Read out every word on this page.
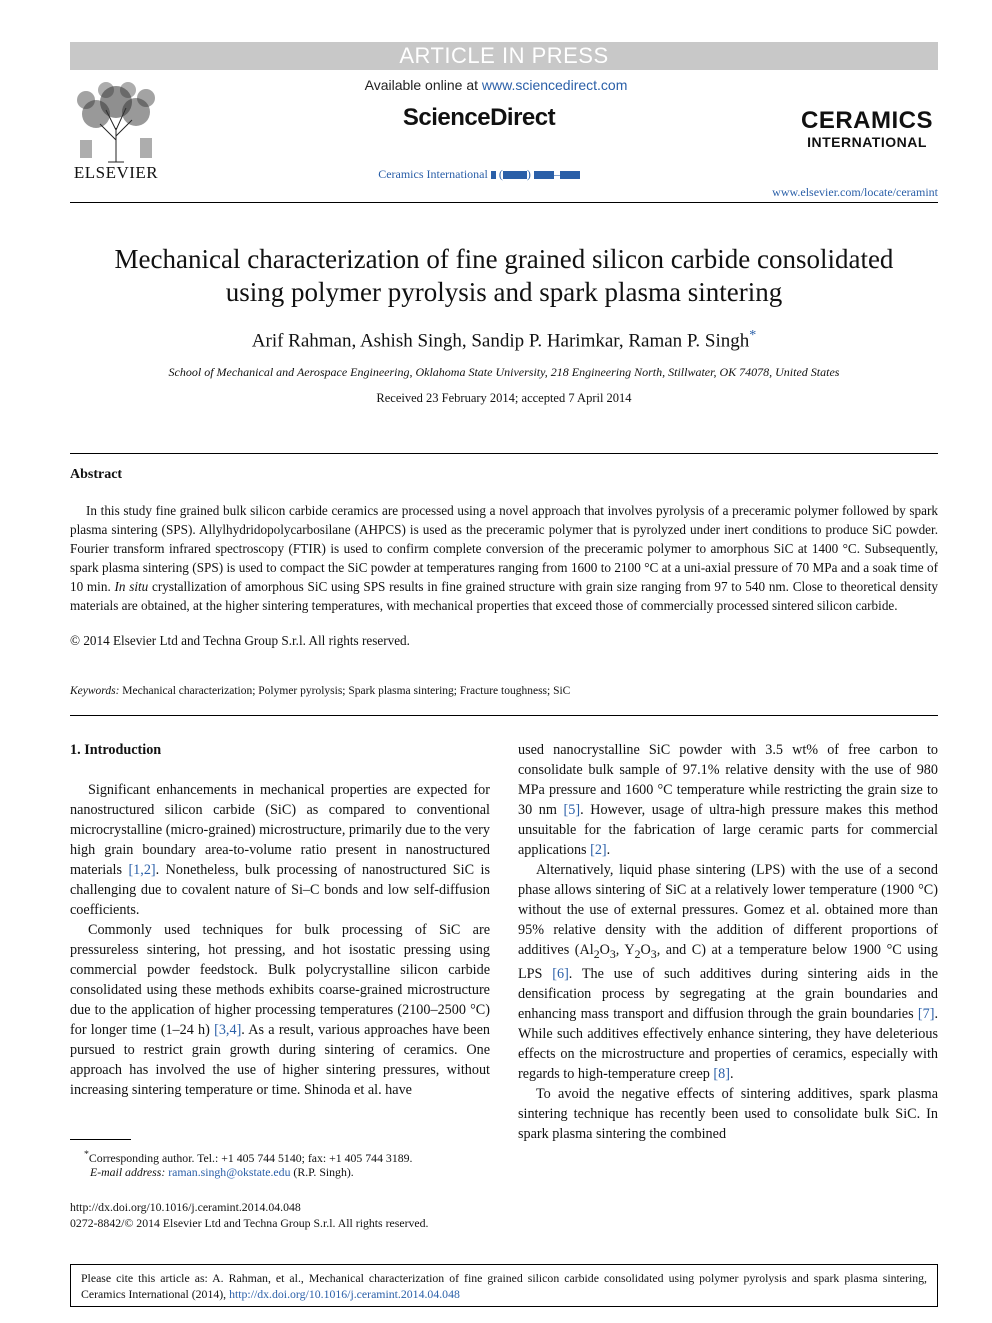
ARTICLE IN PRESS
ELSEVIER
Available online at www.sciencedirect.com
ScienceDirect
Ceramics International  ( ) –
CERAMICS
INTERNATIONAL
www.elsevier.com/locate/ceramint
Mechanical characterization of fine grained silicon carbide consolidated
using polymer pyrolysis and spark plasma sintering
Arif Rahman, Ashish Singh, Sandip P. Harimkar, Raman P. Singh*
School of Mechanical and Aerospace Engineering, Oklahoma State University, 218 Engineering North, Stillwater, OK 74078, United States
Received 23 February 2014; accepted 7 April 2014
Abstract
In this study fine grained bulk silicon carbide ceramics are processed using a novel approach that involves pyrolysis of a preceramic polymer followed by spark plasma sintering (SPS). Allylhydridopolycarbosilane (AHPCS) is used as the preceramic polymer that is pyrolyzed under inert conditions to produce SiC powder. Fourier transform infrared spectroscopy (FTIR) is used to confirm complete conversion of the preceramic polymer to amorphous SiC at 1400 °C. Subsequently, spark plasma sintering (SPS) is used to compact the SiC powder at temperatures ranging from 1600 to 2100 °C at a uni-axial pressure of 70 MPa and a soak time of 10 min. In situ crystallization of amorphous SiC using SPS results in fine grained structure with grain size ranging from 97 to 540 nm. Close to theoretical density materials are obtained, at the higher sintering temperatures, with mechanical properties that exceed those of commercially processed sintered silicon carbide.
© 2014 Elsevier Ltd and Techna Group S.r.l. All rights reserved.
Keywords: Mechanical characterization; Polymer pyrolysis; Spark plasma sintering; Fracture toughness; SiC
1. Introduction

Significant enhancements in mechanical properties are expected for nanostructured silicon carbide (SiC) as compared to conventional microcrystalline (micro-grained) microstructure, primarily due to the very high grain boundary area-to-volume ratio present in nanostructured materials [1,2]. Nonetheless, bulk processing of nanostructured SiC is challenging due to covalent nature of Si–C bonds and low self-diffusion coefficients.

Commonly used techniques for bulk processing of SiC are pressureless sintering, hot pressing, and hot isostatic pressing using commercial powder feedstock. Bulk polycrystalline silicon carbide consolidated using these methods exhibits coarse-grained microstructure due to the application of higher processing temperatures (2100–2500 °C) for longer time (1–24 h) [3,4]. As a result, various approaches have been pursued to restrict grain growth during sintering of ceramics. One approach has involved the use of higher sintering pressures, without increasing sintering temperature or time. Shinoda et al. have

used nanocrystalline SiC powder with 3.5 wt% of free carbon to consolidate bulk sample of 97.1% relative density with the use of 980 MPa pressure and 1600 °C temperature while restricting the grain size to 30 nm [5]. However, usage of ultra-high pressure makes this method unsuitable for the fabrication of large ceramic parts for commercial applications [2].

Alternatively, liquid phase sintering (LPS) with the use of a second phase allows sintering of SiC at a relatively lower temperature (1900 °C) without the use of external pressures. Gomez et al. obtained more than 95% relative density with the addition of different proportions of additives ($Al_2O_3$, $Y_2O_3$, and C) at a temperature below 1900 °C using LPS [6]. The use of such additives during sintering aids in the densification process by segregating at the grain boundaries and enhancing mass transport and diffusion through the grain boundaries [7]. While such additives effectively enhance sintering, they have deleterious effects on the microstructure and properties of ceramics, especially with regards to high-temperature creep [8].

To avoid the negative effects of sintering additives, spark plasma sintering technique has recently been used to consolidate bulk SiC. In spark plasma sintering the combined

*Corresponding author. Tel.: +1 405 744 5140; fax: +1 405 744 3189.
E-mail address: raman.singh@okstate.edu (R.P. Singh).
http://dx.doi.org/10.1016/j.ceramint.2014.04.048
0272-8842/© 2014 Elsevier Ltd and Techna Group S.r.l. All rights reserved.
Please cite this article as: A. Rahman, et al., Mechanical characterization of fine grained silicon carbide consolidated using polymer pyrolysis and spark plasma sintering, Ceramics International (2014), http://dx.doi.org/10.1016/j.ceramint.2014.04.048
